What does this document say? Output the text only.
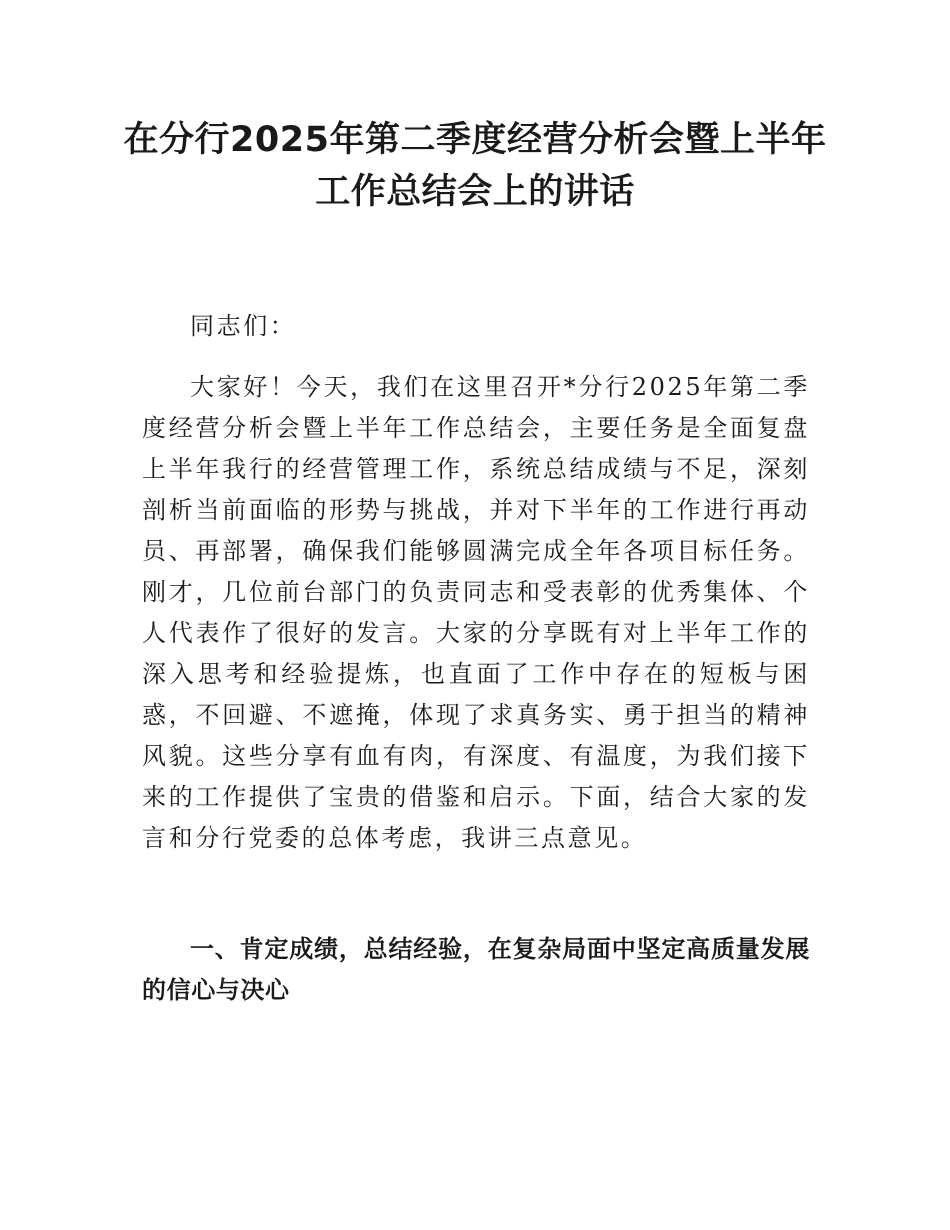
在分行2025年第二季度经营分析会暨上半年
工作总结会上的讲话

同志们：

大家好！今天，我们在这里召开*分行2025年第二季度经营分析会暨上半年工作总结会，主要任务是全面复盘上半年我行的经营管理工作，系统总结成绩与不足，深刻剖析当前面临的形势与挑战，并对下半年的工作进行再动员、再部署，确保我们能够圆满完成全年各项目标任务。刚才，几位前台部门的负责同志和受表彰的优秀集体、个人代表作了很好的发言。大家的分享既有对上半年工作的深入思考和经验提炼，也直面了工作中存在的短板与困惑，不回避、不遮掩，体现了求真务实、勇于担当的精神风貌。这些分享有血有肉，有深度、有温度，为我们接下来的工作提供了宝贵的借鉴和启示。下面，结合大家的发言和分行党委的总体考虑，我讲三点意见。

一、肯定成绩，总结经验，在复杂局面中坚定高质量发展的信心与决心
